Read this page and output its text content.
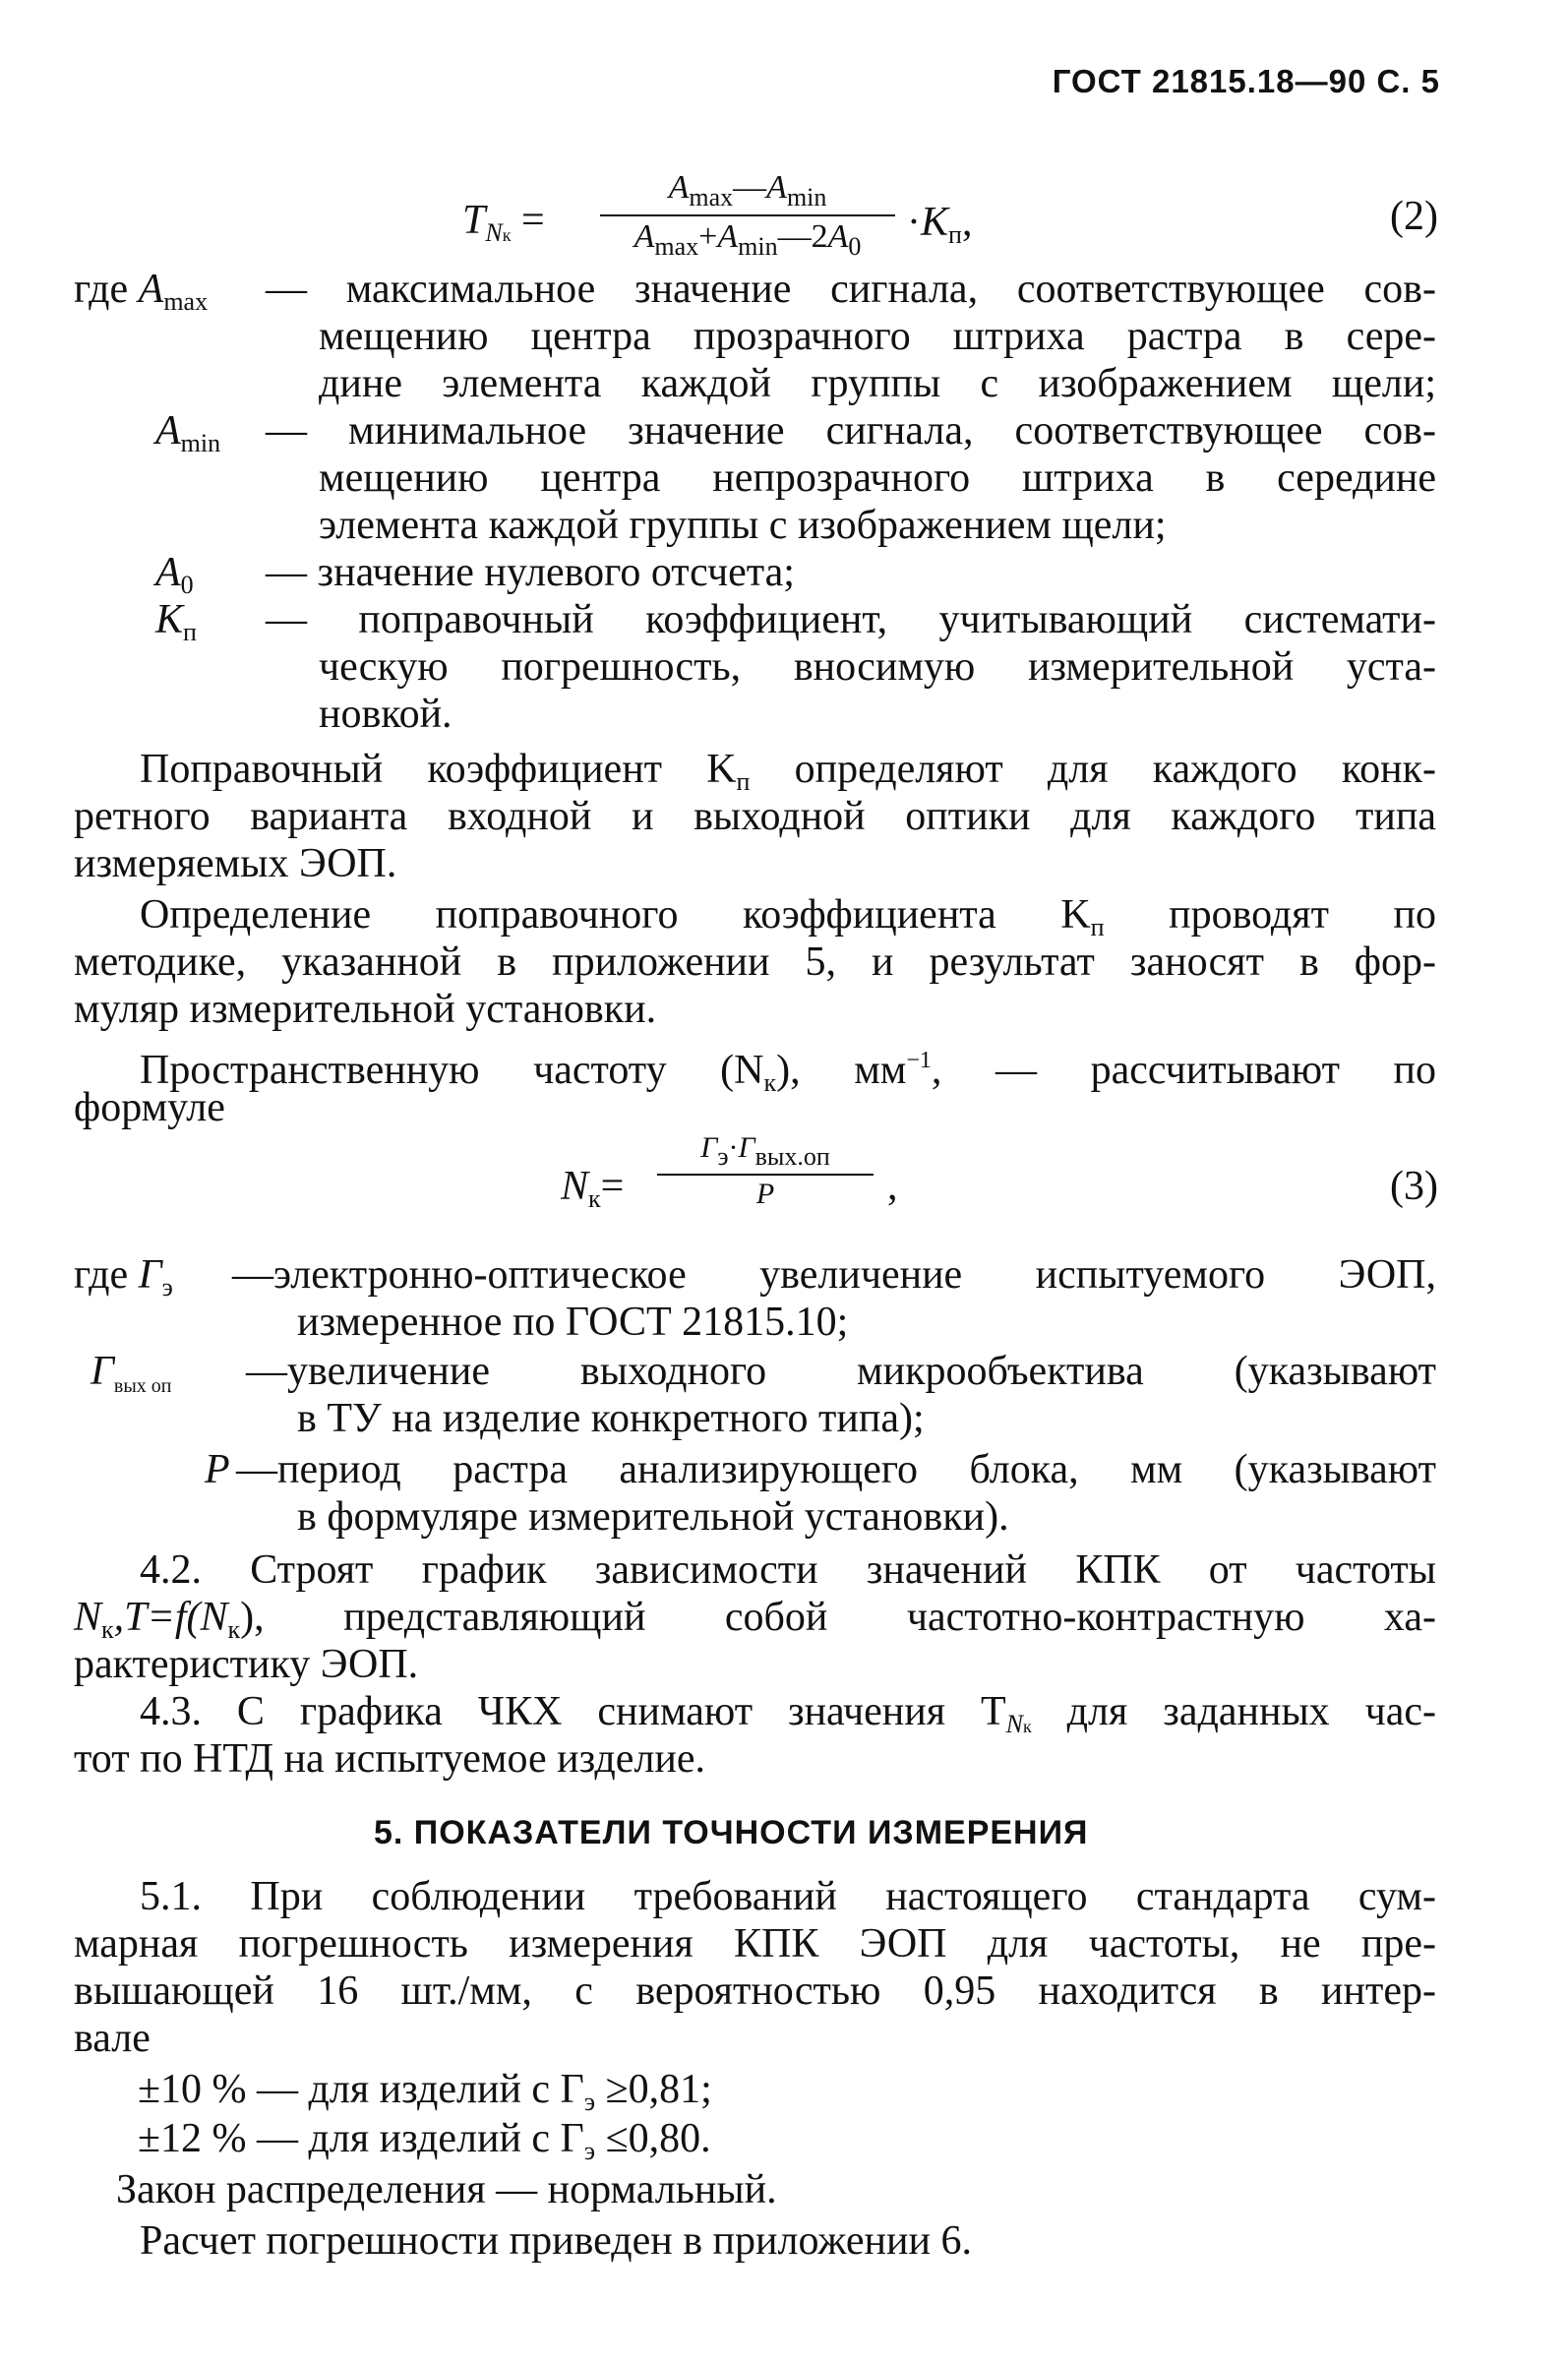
ГОСТ 21815.18—90 С. 5
$T_{Nк}$ =
$A_{max}—A_{min}$
$A_{max}+A_{min}—2A_0$
$\cdot K_п$,	(2)
где $A_{max}$ — максимальное значение сигнала, соответствующее сов-
мещению центра прозрачного штриха растра в сере-
дине элемента каждой группы с изображением щели;
$A_{min}$ — минимальное значение сигнала, соответствующее сов-
мещению центра непрозрачного штриха в середине
элемента каждой группы с изображением щели;
$A_0$ — значение нулевого отсчета;
$K_п$ — поправочный коэффициент, учитывающий системати-
ческую погрешность, вносимую измерительной уста-
новкой.
Поправочный коэффициент $K_п$ определяют для каждого конк-
ретного варианта входной и выходной оптики для каждого типа
измеряемых ЭОП.
Определение поправочного коэффициента $K_п$ проводят по
методике, указанной в приложении 5, и результат заносят в фор-
муляр измерительной установки.
Пространственную частоту $(N_к)$, $мм^{-1}$, — рассчитывают по
формуле
$N_к=$
Гэ·Гвых.оп
P	,	(3)
где $Г_э$ —электронно-оптическое увеличение испытуемого ЭОП,
измеренное по ГОСТ 21815.10;
$Г_{вых оп}$ —увеличение выходного микрообъектива (указывают
в ТУ на изделие конкретного типа);
P —период растра анализирующего блока, мм (указывают
в формуляре измерительной установки).
4.2. Строят график зависимости значений КПК от частоты
$N_к,T=f(N_к)$, представляющий собой частотно-контрастную ха-
рактеристику ЭОП.
4.3. С графика ЧКХ снимают значения $T_{Nк}$ для заданных час-
тот по НТД на испытуемое изделие.
5. ПОКАЗАТЕЛИ ТОЧНОСТИ ИЗМЕРЕНИЯ
5.1. При соблюдении требований настоящего стандарта сум-
марная погрешность измерения КПК ЭОП для частоты, не пре-
вышающей 16 шт./мм, с вероятностью 0,95 находится в интер-
вале
±10 % — для изделий с $Г_э \ge 0,81$;
±12 % — для изделий с $Г_э \le 0,80$.
Закон распределения — нормальный.
Расчет погрешности приведен в приложении 6.
